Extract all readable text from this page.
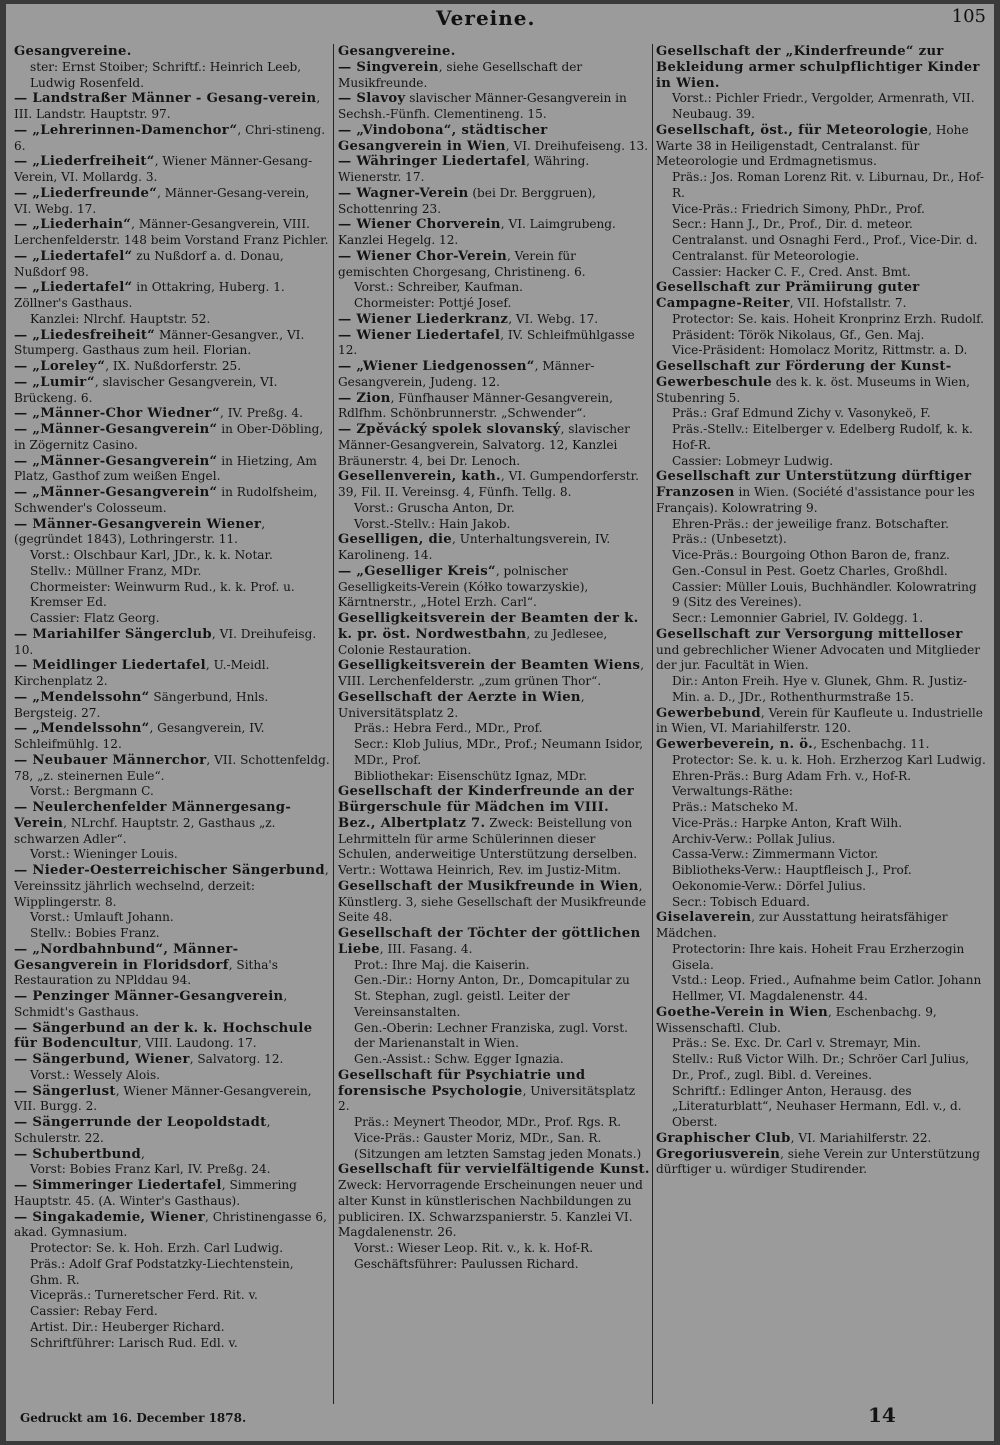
Vereine.	105

Gesangvereine.

ster: Ernst Stoiber; Schriftf.: Heinrich Leeb, Ludwig Rosenfeld.

— Landstraßer Männer - Gesang-verein, III. Landstr. Hauptstr. 97.

— „Lehrerinnen-Damenchor“, Chri-stineng. 6.

— „Liederfreiheit“, Wiener Männer-Gesang-Verein, VI. Mollardg. 3.

— „Liederfreunde“, Männer-Gesang-verein, VI. Webg. 17.

— „Liederhain“, Männer-Gesangverein, VIII. Lerchenfelderstr. 148 beim Vorstand Franz Pichler.

— „Liedertafel“ zu Nußdorf a. d. Donau, Nußdorf 98.

— „Liedertafel“ in Ottakring, Huberg. 1. Zöllner's Gasthaus.

Kanzlei: Nlrchf. Hauptstr. 52.

— „Liedesfreiheit“ Männer-Gesangver., VI. Stumperg. Gasthaus zum heil. Florian.

— „Loreley“, IX. Nußdorferstr. 25.

— „Lumir“, slavischer Gesangverein, VI. Brückeng. 6.

— „Männer-Chor Wiedner“, IV. Preßg. 4.

— „Männer-Gesangverein“ in Ober-Döbling, in Zögernitz Casino.

— „Männer-Gesangverein“ in Hietzing, Am Platz, Gasthof zum weißen Engel.

— „Männer-Gesangverein“ in Rudolfsheim, Schwender's Colosseum.

— Männer-Gesangverein Wiener, (gegründet 1843), Lothringerstr. 11.

Vorst.: Olschbaur Karl, JDr., k. k. Notar.

Stellv.: Müllner Franz, MDr.

Chormeister: Weinwurm Rud., k. k. Prof. u. Kremser Ed.

Cassier: Flatz Georg.

— Mariahilfer Sängerclub, VI. Dreihufeisg. 10.

— Meidlinger Liedertafel, U.-Meidl. Kirchenplatz 2.

— „Mendelssohn“ Sängerbund, Hnls. Bergsteig. 27.

— „Mendelssohn“, Gesangverein, IV. Schleifmühlg. 12.

— Neubauer Männerchor, VII. Schottenfeldg. 78, „z. steinernen Eule“.

Vorst.: Bergmann C.

— Neulerchenfelder Männergesang-Verein, NLrchf. Hauptstr. 2, Gasthaus „z. schwarzen Adler“.

Vorst.: Wieninger Louis.

— Nieder-Oesterreichischer Sängerbund, Vereinssitz jährlich wechselnd, derzeit: Wipplingerstr. 8.

Vorst.: Umlauft Johann.

Stellv.: Bobies Franz.

— „Nordbahnbund“, Männer-Gesangverein in Floridsdorf, Sitha's Restauration zu NPlddau 94.

— Penzinger Männer-Gesangverein, Schmidt's Gasthaus.

— Sängerbund an der k. k. Hochschule für Bodencultur, VIII. Laudong. 17.

— Sängerbund, Wiener, Salvatorg. 12.

Vorst.: Wessely Alois.

— Sängerlust, Wiener Männer-Gesangverein, VII. Burgg. 2.

— Sängerrunde der Leopoldstadt, Schulerstr. 22.

— Schubertbund,

Vorst: Bobies Franz Karl, IV. Preßg. 24.

— Simmeringer Liedertafel, Simmering Hauptstr. 45. (A. Winter's Gasthaus).

— Singakademie, Wiener, Christinengasse 6, akad. Gymnasium.

Protector: Se. k. Hoh. Erzh. Carl Ludwig.

Präs.: Adolf Graf Podstatzky-Liechtenstein, Ghm. R.

Vicepräs.: Turneretscher Ferd. Rit. v.

Cassier: Rebay Ferd.

Artist. Dir.: Heuberger Richard.

Schriftführer: Larisch Rud. Edl. v.

Gesangvereine.

— Singverein, siehe Gesellschaft der Musikfreunde.

— Slavoy slavischer Männer-Gesangverein in Sechsh.-Fünfh. Clementineng. 15.

— „Vindobona“, städtischer Gesangverein in Wien, VI. Dreihufeiseng. 13.

— Währinger Liedertafel, Währing. Wienerstr. 17.

— Wagner-Verein (bei Dr. Berggruen), Schottenring 23.

— Wiener Chorverein, VI. Laimgrubeng. Kanzlei Hegelg. 12.

— Wiener Chor-Verein, Verein für gemischten Chorgesang, Christineng. 6.

Vorst.: Schreiber, Kaufman.

Chormeister: Pottjé Josef.

— Wiener Liederkranz, VI. Webg. 17.

— Wiener Liedertafel, IV. Schleifmühlgasse 12.

— „Wiener Liedgenossen“, Männer-Gesangverein, Judeng. 12.

— Zion, Fünfhauser Männer-Gesangverein, Rdlfhm. Schönbrunnerstr. „Schwender“.

— Zpěvácký spolek slovanský, slavischer Männer-Gesangverein, Salvatorg. 12, Kanzlei Bräunerstr. 4, bei Dr. Lenoch.

Gesellenverein, kath., VI. Gumpendorferstr. 39, Fil. II. Vereinsg. 4, Fünfh. Tellg. 8.

Vorst.: Gruscha Anton, Dr.

Vorst.-Stellv.: Hain Jakob.

Geselligen, die, Unterhaltungsverein, IV. Karolineng. 14.

— „Geselliger Kreis“, polnischer Geselligkeits-Verein (Kółko towarzyskie), Kärntnerstr., „Hotel Erzh. Carl“.

Geselligkeitsverein der Beamten der k. k. pr. öst. Nordwestbahn, zu Jedlesee, Colonie Restauration.

Geselligkeitsverein der Beamten Wiens, VIII. Lerchenfelderstr. „zum grünen Thor“.

Gesellschaft der Aerzte in Wien, Universitätsplatz 2.

Präs.: Hebra Ferd., MDr., Prof.

Secr.: Klob Julius, MDr., Prof.; Neumann Isidor, MDr., Prof.

Bibliothekar: Eisenschütz Ignaz, MDr.

Gesellschaft der Kinderfreunde an der Bürgerschule für Mädchen im VIII. Bez., Albertplatz 7. Zweck: Beistellung von Lehrmitteln für arme Schülerinnen dieser Schulen, anderweitige Unterstützung derselben. Vertr.: Wottawa Heinrich, Rev. im Justiz-Mitm.

Gesellschaft der Musikfreunde in Wien, Künstlerg. 3, siehe Gesellschaft der Musikfreunde Seite 48.

Gesellschaft der Töchter der göttlichen Liebe, III. Fasang. 4.

Prot.: Ihre Maj. die Kaiserin.

Gen.-Dir.: Horny Anton, Dr., Domcapitular zu St. Stephan, zugl. geistl. Leiter der Vereinsanstalten.

Gen.-Oberin: Lechner Franziska, zugl. Vorst. der Marienanstalt in Wien.

Gen.-Assist.: Schw. Egger Ignazia.

Gesellschaft für Psychiatrie und forensische Psychologie, Universitätsplatz 2.

Präs.: Meynert Theodor, MDr., Prof. Rgs. R.

Vice-Präs.: Gauster Moriz, MDr., San. R.

(Sitzungen am letzten Samstag jeden Monats.)

Gesellschaft für vervielfältigende Kunst. Zweck: Hervorragende Erscheinungen neuer und alter Kunst in künstlerischen Nachbildungen zu publiciren. IX. Schwarzspanierstr. 5. Kanzlei VI. Magdalenenstr. 26.

Vorst.: Wieser Leop. Rit. v., k. k. Hof-R.

Geschäftsführer: Paulussen Richard.

Gesellschaft der „Kinderfreunde“ zur Bekleidung armer schulpflichtiger Kinder in Wien.

Vorst.: Pichler Friedr., Vergolder, Armenrath, VII. Neubaug. 39.

Gesellschaft, öst., für Meteorologie, Hohe Warte 38 in Heiligenstadt, Centralanst. für Meteorologie und Erdmagnetismus.

Präs.: Jos. Roman Lorenz Rit. v. Liburnau, Dr., Hof-R.

Vice-Präs.: Friedrich Simony, PhDr., Prof.

Secr.: Hann J., Dr., Prof., Dir. d. meteor. Centralanst. und Osnaghi Ferd., Prof., Vice-Dir. d. Centralanst. für Meteorologie.

Cassier: Hacker C. F., Cred. Anst. Bmt.

Gesellschaft zur Prämiirung guter Campagne-Reiter, VII. Hofstallstr. 7.

Protector: Se. kais. Hoheit Kronprinz Erzh. Rudolf.

Präsident: Török Nikolaus, Gf., Gen. Maj.

Vice-Präsident: Homolacz Moritz, Rittmstr. a. D.

Gesellschaft zur Förderung der Kunst-Gewerbeschule des k. k. öst. Museums in Wien, Stubenring 5.

Präs.: Graf Edmund Zichy v. Vasonykeö, F.

Präs.-Stellv.: Eitelberger v. Edelberg Rudolf, k. k. Hof-R.

Cassier: Lobmeyr Ludwig.

Gesellschaft zur Unterstützung dürftiger Franzosen in Wien. (Société d'assistance pour les Français). Kolowratring 9.

Ehren-Präs.: der jeweilige franz. Botschafter.

Präs.: (Unbesetzt).

Vice-Präs.: Bourgoing Othon Baron de, franz. Gen.-Consul in Pest. Goetz Charles, Großhdl.

Cassier: Müller Louis, Buchhändler. Kolowratring 9 (Sitz des Vereines).

Secr.: Lemonnier Gabriel, IV. Goldegg. 1.

Gesellschaft zur Versorgung mittelloser und gebrechlicher Wiener Advocaten und Mitglieder der jur. Facultät in Wien.

Dir.: Anton Freih. Hye v. Glunek, Ghm. R. Justiz-Min. a. D., JDr., Rothenthurmstraße 15.

Gewerbebund, Verein für Kaufleute u. Industrielle in Wien, VI. Mariahilferstr. 120.

Gewerbeverein, n. ö., Eschenbachg. 11.

Protector: Se. k. u. k. Hoh. Erzherzog Karl Ludwig.

Ehren-Präs.: Burg Adam Frh. v., Hof-R.

Verwaltungs-Räthe:

Präs.: Matscheko M.

Vice-Präs.: Harpke Anton, Kraft Wilh.

Archiv-Verw.: Pollak Julius.

Cassa-Verw.: Zimmermann Victor.

Bibliotheks-Verw.: Hauptfleisch J., Prof.

Oekonomie-Verw.: Dörfel Julius.

Secr.: Tobisch Eduard.

Giselaverein, zur Ausstattung heiratsfähiger Mädchen.

Protectorin: Ihre kais. Hoheit Frau Erzherzogin Gisela.

Vstd.: Leop. Fried., Aufnahme beim Catlor. Johann Hellmer, VI. Magdalenenstr. 44.

Goethe-Verein in Wien, Eschenbachg. 9, Wissenschaftl. Club.

Präs.: Se. Exc. Dr. Carl v. Stremayr, Min.

Stellv.: Ruß Victor Wilh. Dr.; Schröer Carl Julius, Dr., Prof., zugl. Bibl. d. Vereines.

Schriftf.: Edlinger Anton, Herausg. des „Literaturblatt“, Neuhaser Hermann, Edl. v., d. Oberst.

Graphischer Club, VI. Mariahilferstr. 22.

Gregoriusverein, siehe Verein zur Unterstützung dürftiger u. würdiger Studirender.

Gedruckt am 16. December 1878.	14
